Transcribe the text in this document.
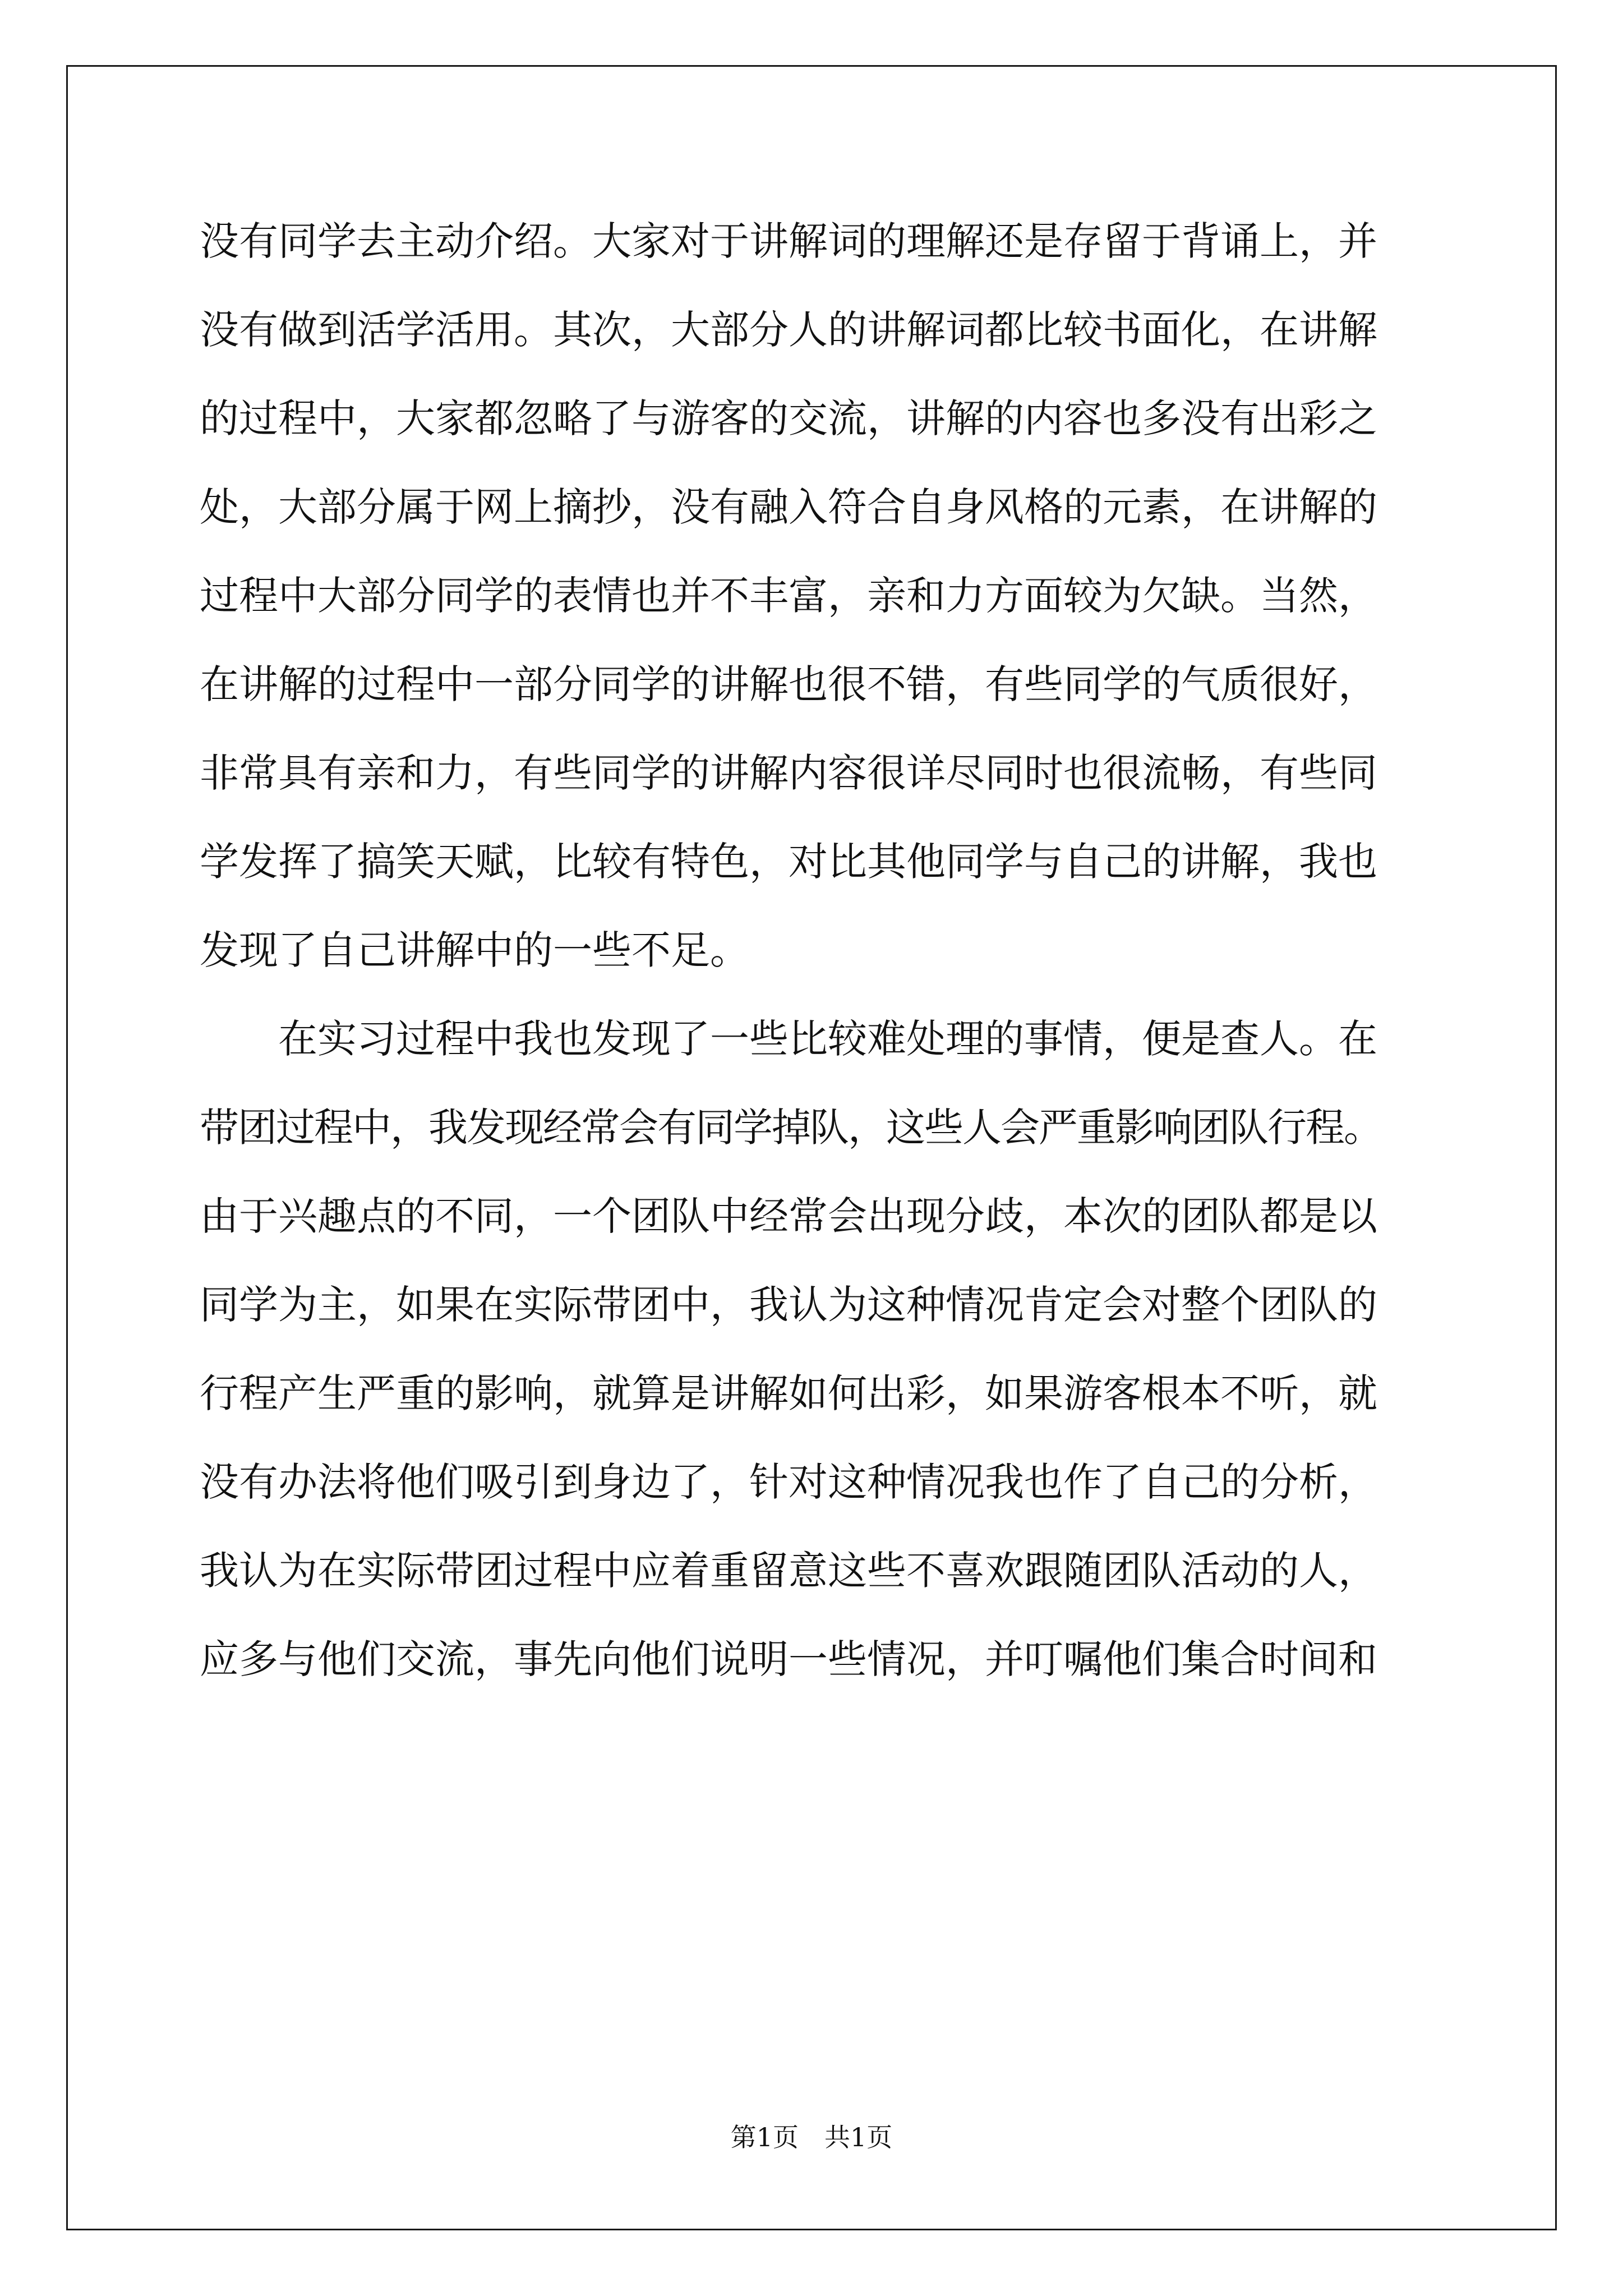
没有同学去主动介绍。大家对于讲解词的理解还是存留于背诵上，并
没有做到活学活用。其次，大部分人的讲解词都比较书面化，在讲解
的过程中，大家都忽略了与游客的交流，讲解的内容也多没有出彩之
处，大部分属于网上摘抄，没有融入符合自身风格的元素，在讲解的
过程中大部分同学的表情也并不丰富，亲和力方面较为欠缺。当然，
在讲解的过程中一部分同学的讲解也很不错，有些同学的气质很好，
非常具有亲和力，有些同学的讲解内容很详尽同时也很流畅，有些同
学发挥了搞笑天赋，比较有特色，对比其他同学与自己的讲解，我也
发现了自己讲解中的一些不足。
　　在实习过程中我也发现了一些比较难处理的事情，便是查人。在
带团过程中，我发现经常会有同学掉队，这些人会严重影响团队行程。
由于兴趣点的不同，一个团队中经常会出现分歧，本次的团队都是以
同学为主，如果在实际带团中，我认为这种情况肯定会对整个团队的
行程产生严重的影响，就算是讲解如何出彩，如果游客根本不听，就
没有办法将他们吸引到身边了，针对这种情况我也作了自己的分析，
我认为在实际带团过程中应着重留意这些不喜欢跟随团队活动的人，
应多与他们交流，事先向他们说明一些情况，并叮嘱他们集合时间和
第1页　共1页
